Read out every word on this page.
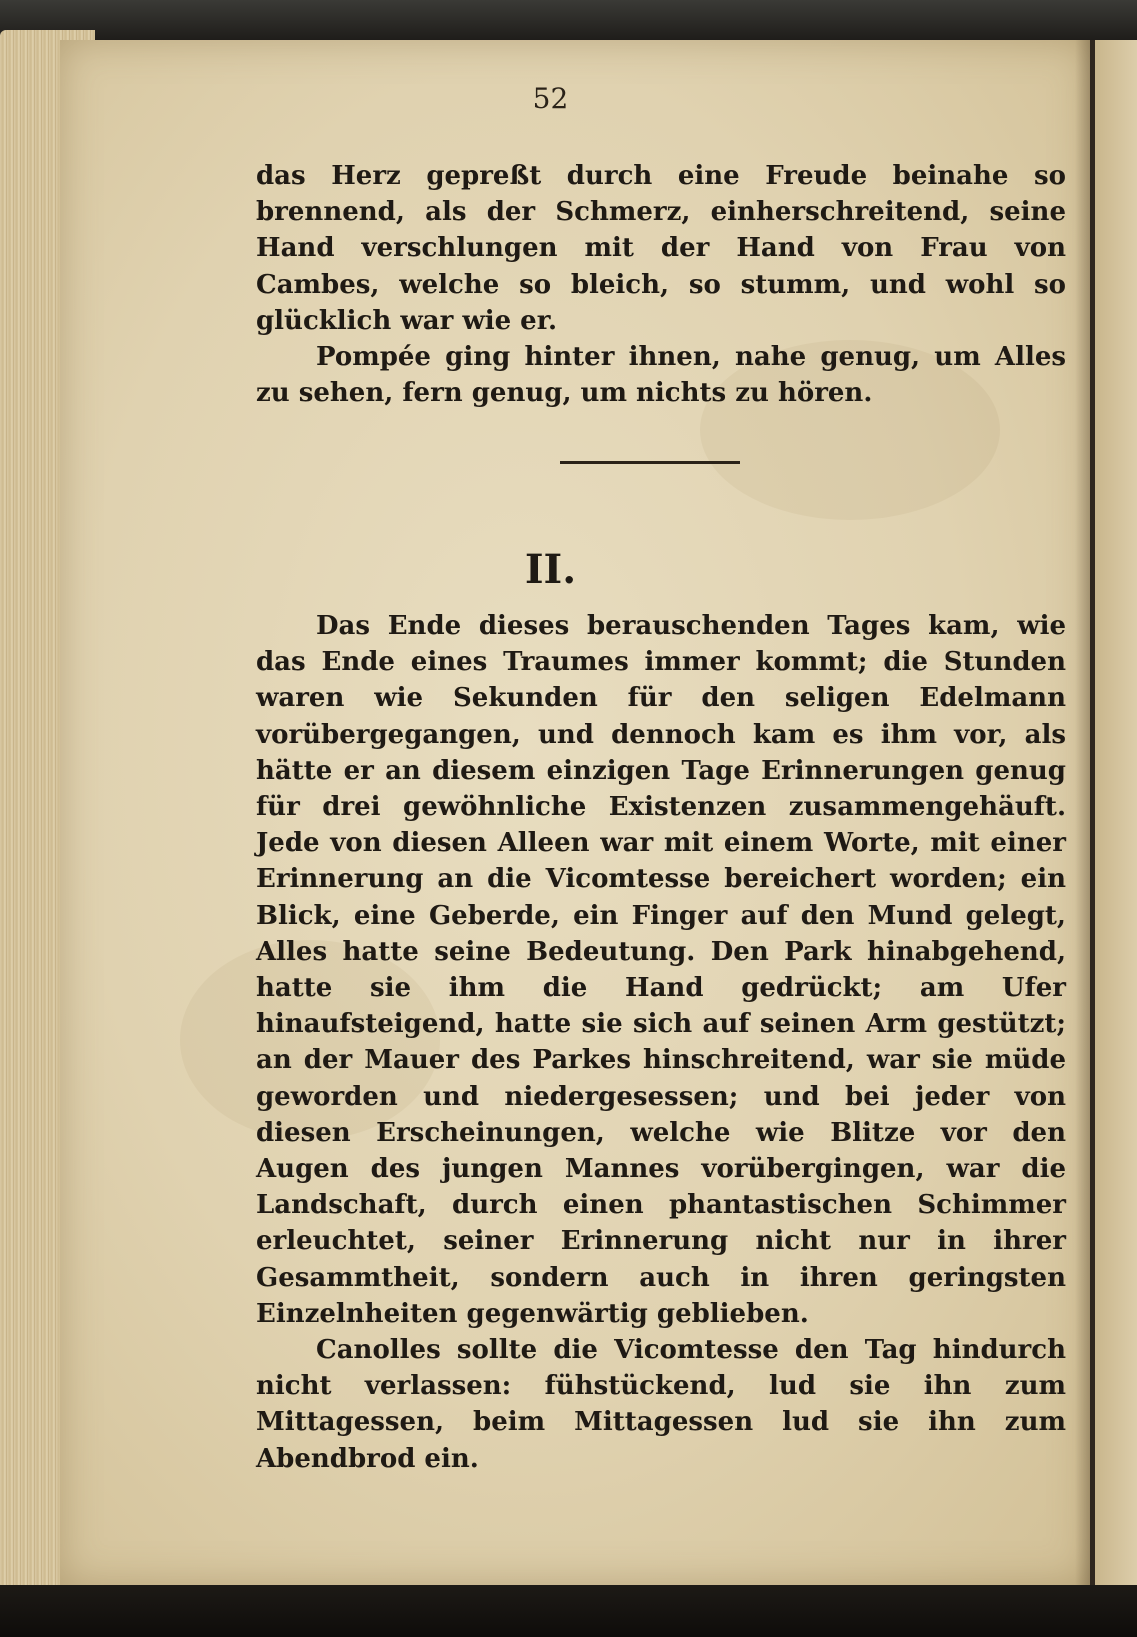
52

das Herz gepreßt durch eine Freude beinahe so brennend, als der Schmerz, einherschreitend, seine Hand verschlungen mit der Hand von Frau von Cambes, welche so bleich, so stumm, und wohl so glücklich war wie er.

Pompée ging hinter ihnen, nahe genug, um Alles zu sehen, fern genug, um nichts zu hören.

II.

Das Ende dieses berauschenden Tages kam, wie das Ende eines Traumes immer kommt; die Stunden waren wie Sekunden für den seligen Edelmann vorübergegangen, und dennoch kam es ihm vor, als hätte er an diesem einzigen Tage Erinnerungen genug für drei gewöhnliche Existenzen zusammengehäuft. Jede von diesen Alleen war mit einem Worte, mit einer Erinnerung an die Vicomtesse bereichert worden; ein Blick, eine Geberde, ein Finger auf den Mund gelegt, Alles hatte seine Bedeutung. Den Park hinabgehend, hatte sie ihm die Hand gedrückt; am Ufer hinaufsteigend, hatte sie sich auf seinen Arm gestützt; an der Mauer des Parkes hinschreitend, war sie müde geworden und niedergesessen; und bei jeder von diesen Erscheinungen, welche wie Blitze vor den Augen des jungen Mannes vorübergingen, war die Landschaft, durch einen phantastischen Schimmer erleuchtet, seiner Erinnerung nicht nur in ihrer Gesammtheit, sondern auch in ihren geringsten Einzelnheiten gegenwärtig geblieben.

Canolles sollte die Vicomtesse den Tag hindurch nicht verlassen: fühstückend, lud sie ihn zum Mittagessen, beim Mittagessen lud sie ihn zum Abendbrod ein.
